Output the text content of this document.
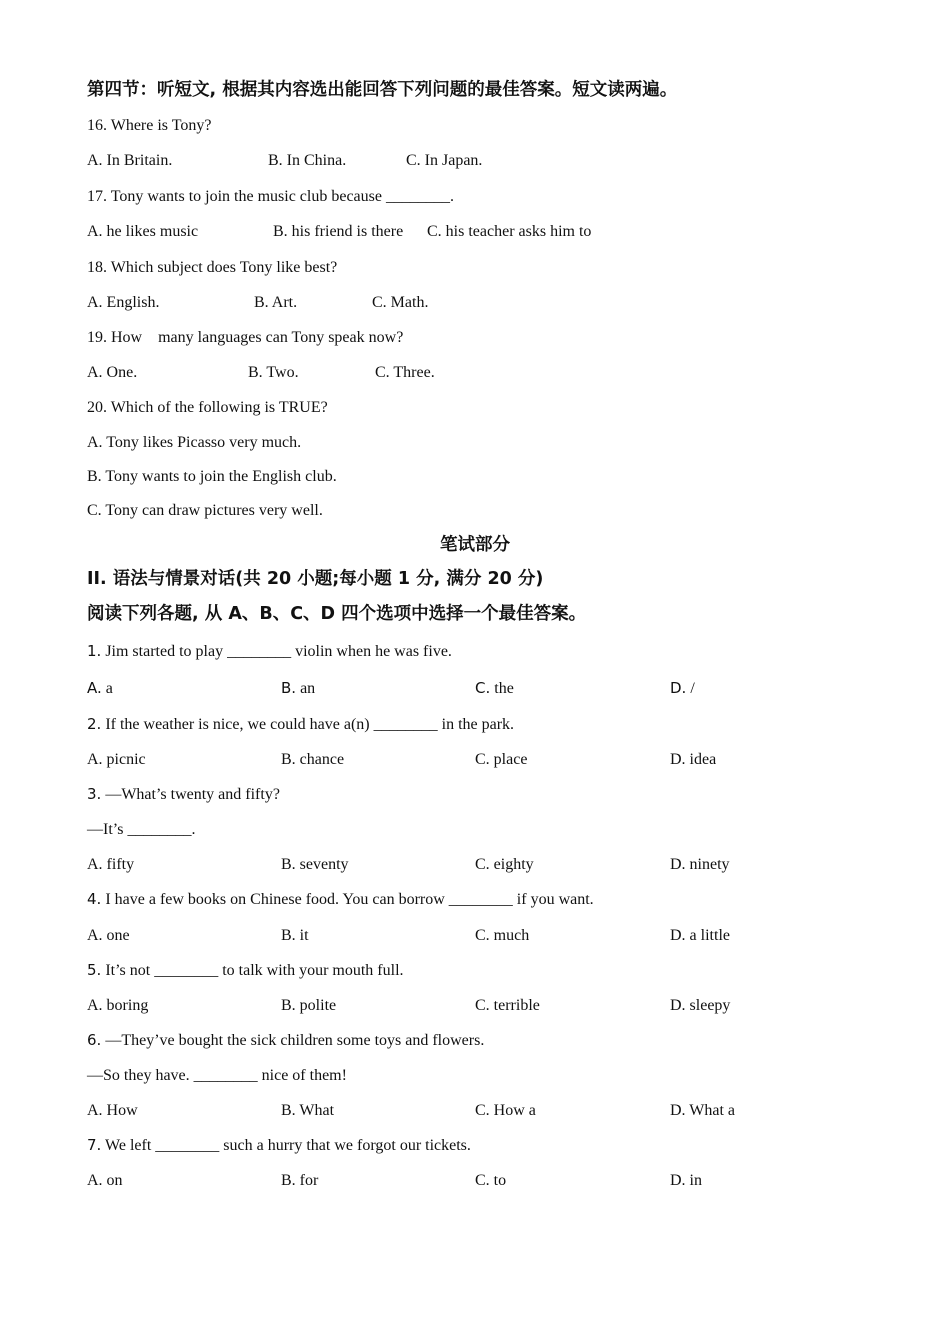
第四节：听短文, 根据其内容选出能回答下列问题的最佳答案。短文读两遍。
16. Where is Tony?
A. In Britain.	B. In China.	C. In Japan.
17. Tony wants to join the music club because ________.
A. he likes music	B. his friend is there C. his teacher asks him to
18. Which subject does Tony like best?
A. English.	B. Art.	C. Math.
19. How    many languages can Tony speak now?
A. One.	B. Two.	C. Three.
20. Which of the following is TRUE?
A. Tony likes Picasso very much.
B. Tony wants to join the English club.
C. Tony can draw pictures very well.
笔试部分
II. 语法与情景对话(共 20 小题;每小题 1 分, 满分 20 分)
阅读下列各题, 从 A、B、C、D 四个选项中选择一个最佳答案。
1. Jim started to play ________ violin when he was five.
A. a	B. an	C. the	D. /
2. If the weather is nice, we could have a(n) ________ in the park.
A. picnic	B. chance	C. place	D. idea
3. —What’s twenty and fifty?
—It’s ________.
A. fifty	B. seventy	C. eighty	D. ninety
4. I have a few books on Chinese food. You can borrow ________ if you want.
A. one	B. it	C. much	D. a little
5. It’s not ________ to talk with your mouth full.
A. boring	B. polite	C. terrible	D. sleepy
6. —They’ve bought the sick children some toys and flowers.
—So they have. ________ nice of them!
A. How	B. What	C. How a	D. What a
7. We left ________ such a hurry that we forgot our tickets.
A. on	B. for	C. to	D. in
